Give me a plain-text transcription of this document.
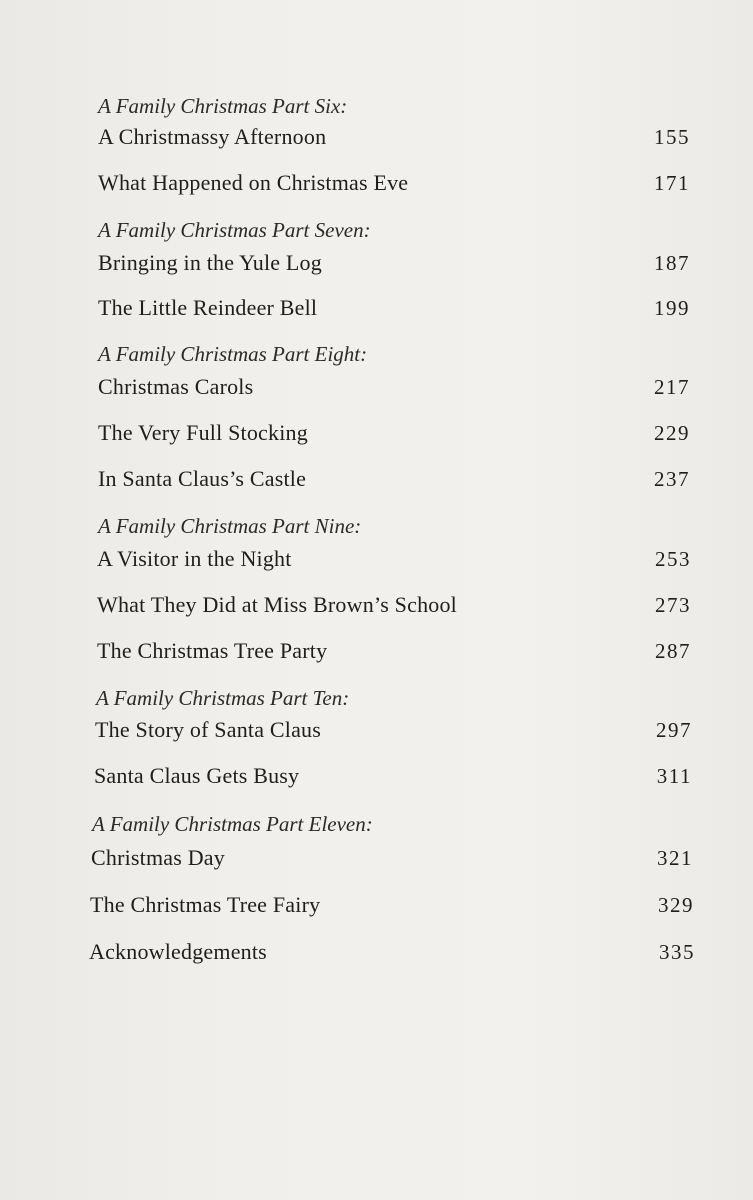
A Family Christmas Part Six:
A Christmassy Afternoon	155
What Happened on Christmas Eve	171
A Family Christmas Part Seven:
Bringing in the Yule Log	187
The Little Reindeer Bell	199
A Family Christmas Part Eight:
Christmas Carols	217
The Very Full Stocking	229
In Santa Claus’s Castle	237
A Family Christmas Part Nine:
A Visitor in the Night	253
What They Did at Miss Brown’s School	273
The Christmas Tree Party	287
A Family Christmas Part Ten:
The Story of Santa Claus	297
Santa Claus Gets Busy	311
A Family Christmas Part Eleven:
Christmas Day	321
The Christmas Tree Fairy	329
Acknowledgements	335
